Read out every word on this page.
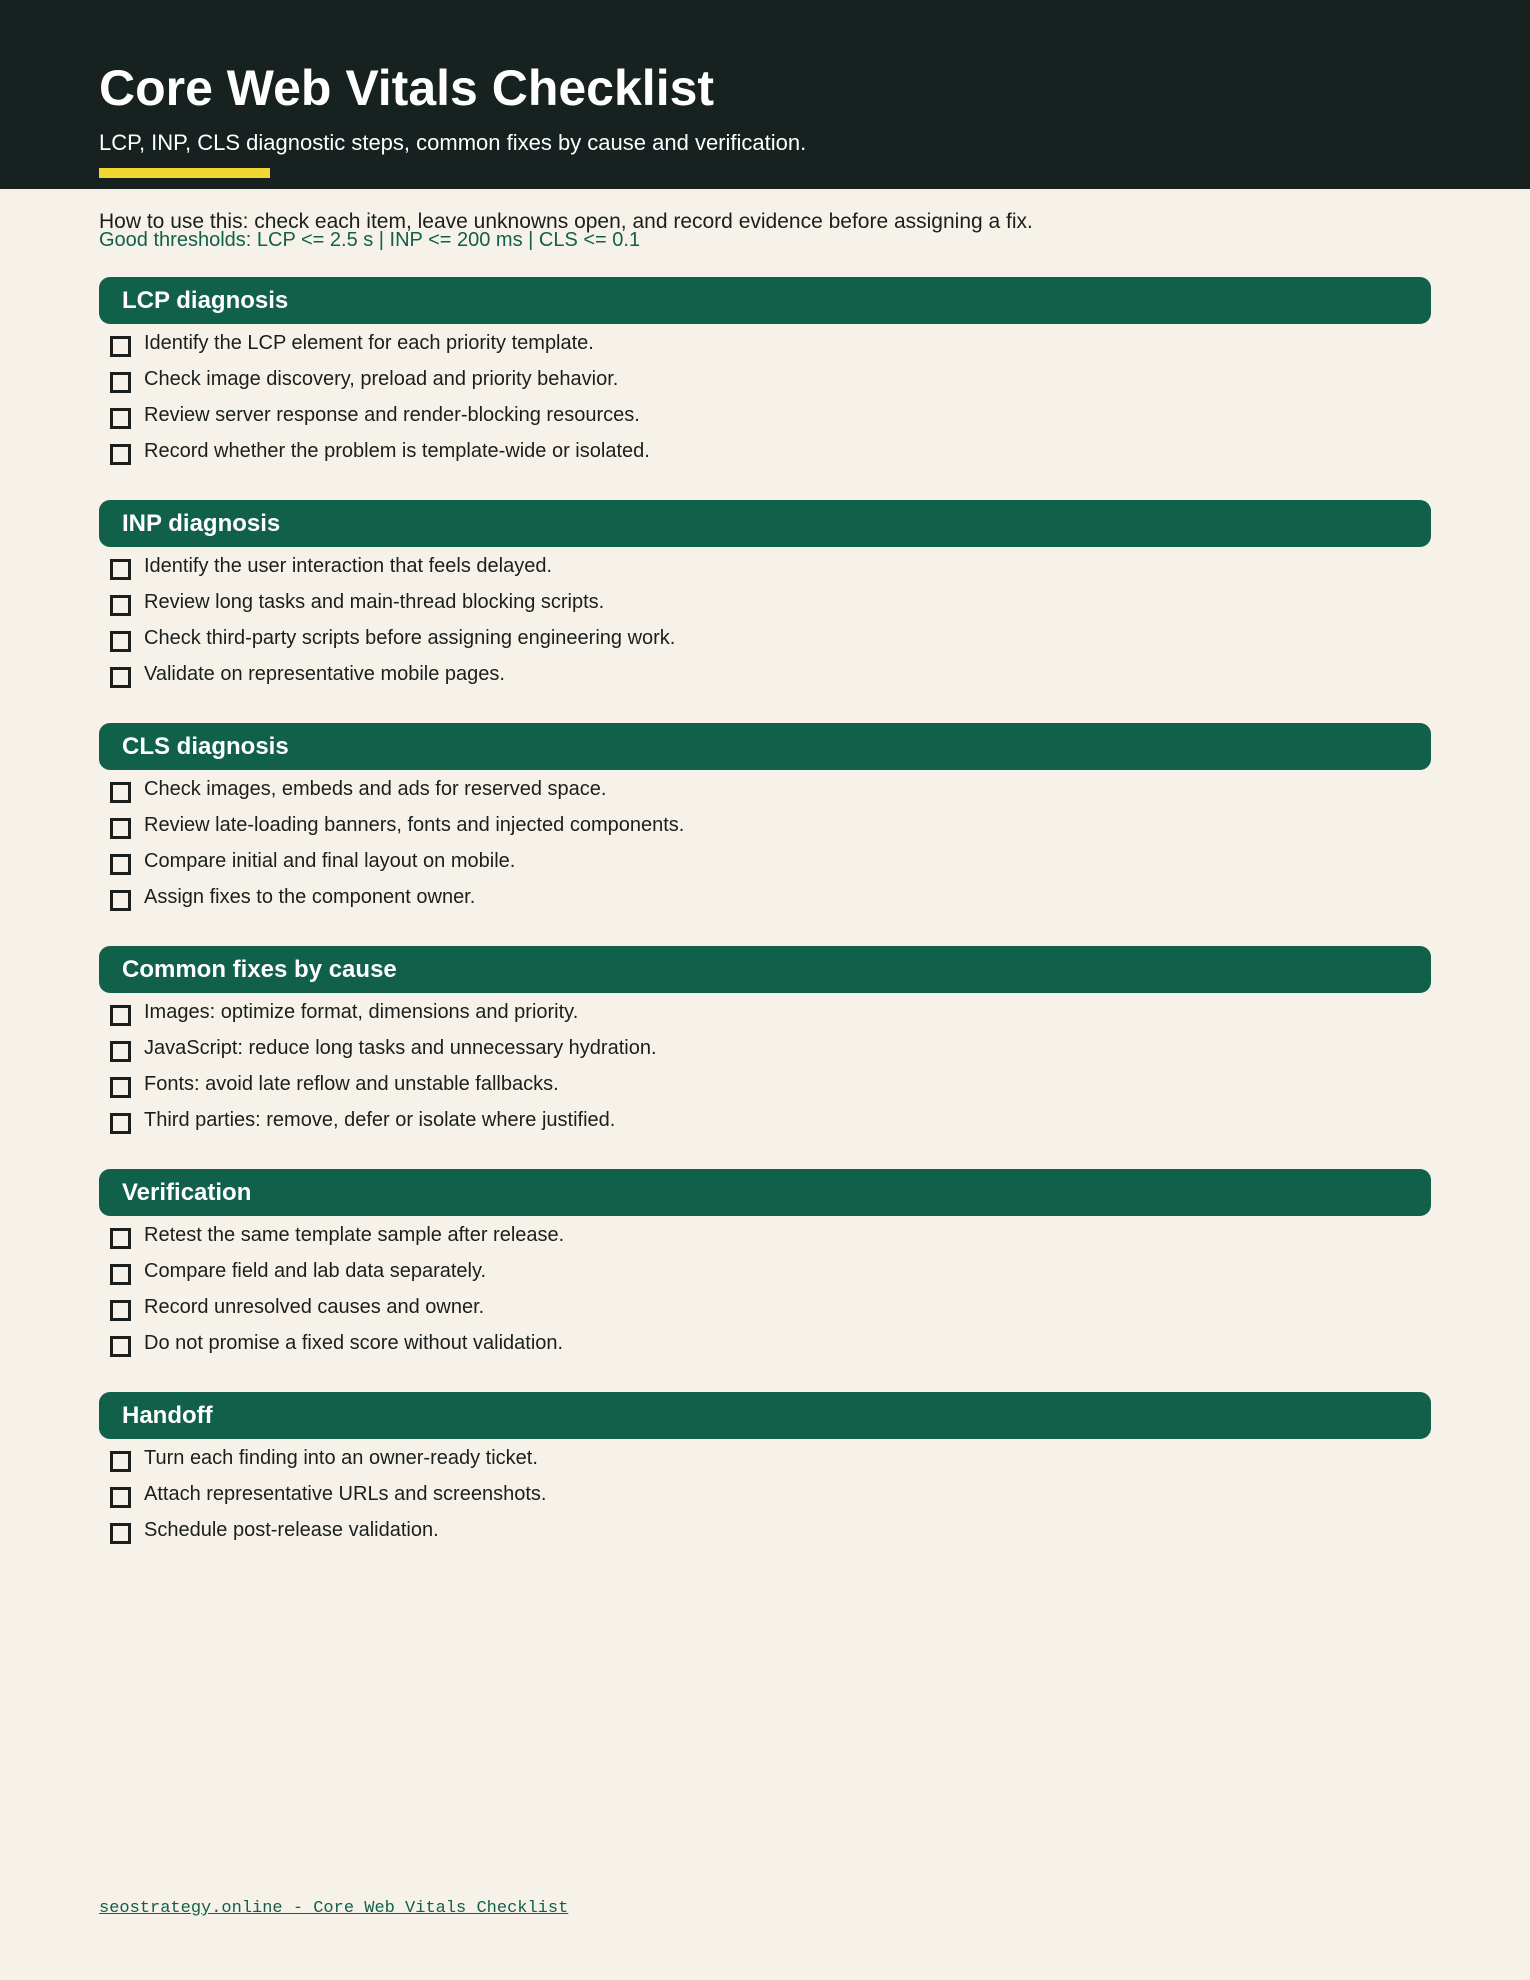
Core Web Vitals Checklist
LCP, INP, CLS diagnostic steps, common fixes by cause and verification.
How to use this: check each item, leave unknowns open, and record evidence before assigning a fix.
Good thresholds: LCP <= 2.5 s | INP <= 200 ms | CLS <= 0.1
LCP diagnosis
Identify the LCP element for each priority template.
Check image discovery, preload and priority behavior.
Review server response and render-blocking resources.
Record whether the problem is template-wide or isolated.
INP diagnosis
Identify the user interaction that feels delayed.
Review long tasks and main-thread blocking scripts.
Check third-party scripts before assigning engineering work.
Validate on representative mobile pages.
CLS diagnosis
Check images, embeds and ads for reserved space.
Review late-loading banners, fonts and injected components.
Compare initial and final layout on mobile.
Assign fixes to the component owner.
Common fixes by cause
Images: optimize format, dimensions and priority.
JavaScript: reduce long tasks and unnecessary hydration.
Fonts: avoid late reflow and unstable fallbacks.
Third parties: remove, defer or isolate where justified.
Verification
Retest the same template sample after release.
Compare field and lab data separately.
Record unresolved causes and owner.
Do not promise a fixed score without validation.
Handoff
Turn each finding into an owner-ready ticket.
Attach representative URLs and screenshots.
Schedule post-release validation.
seostrategy.online - Core Web Vitals Checklist
